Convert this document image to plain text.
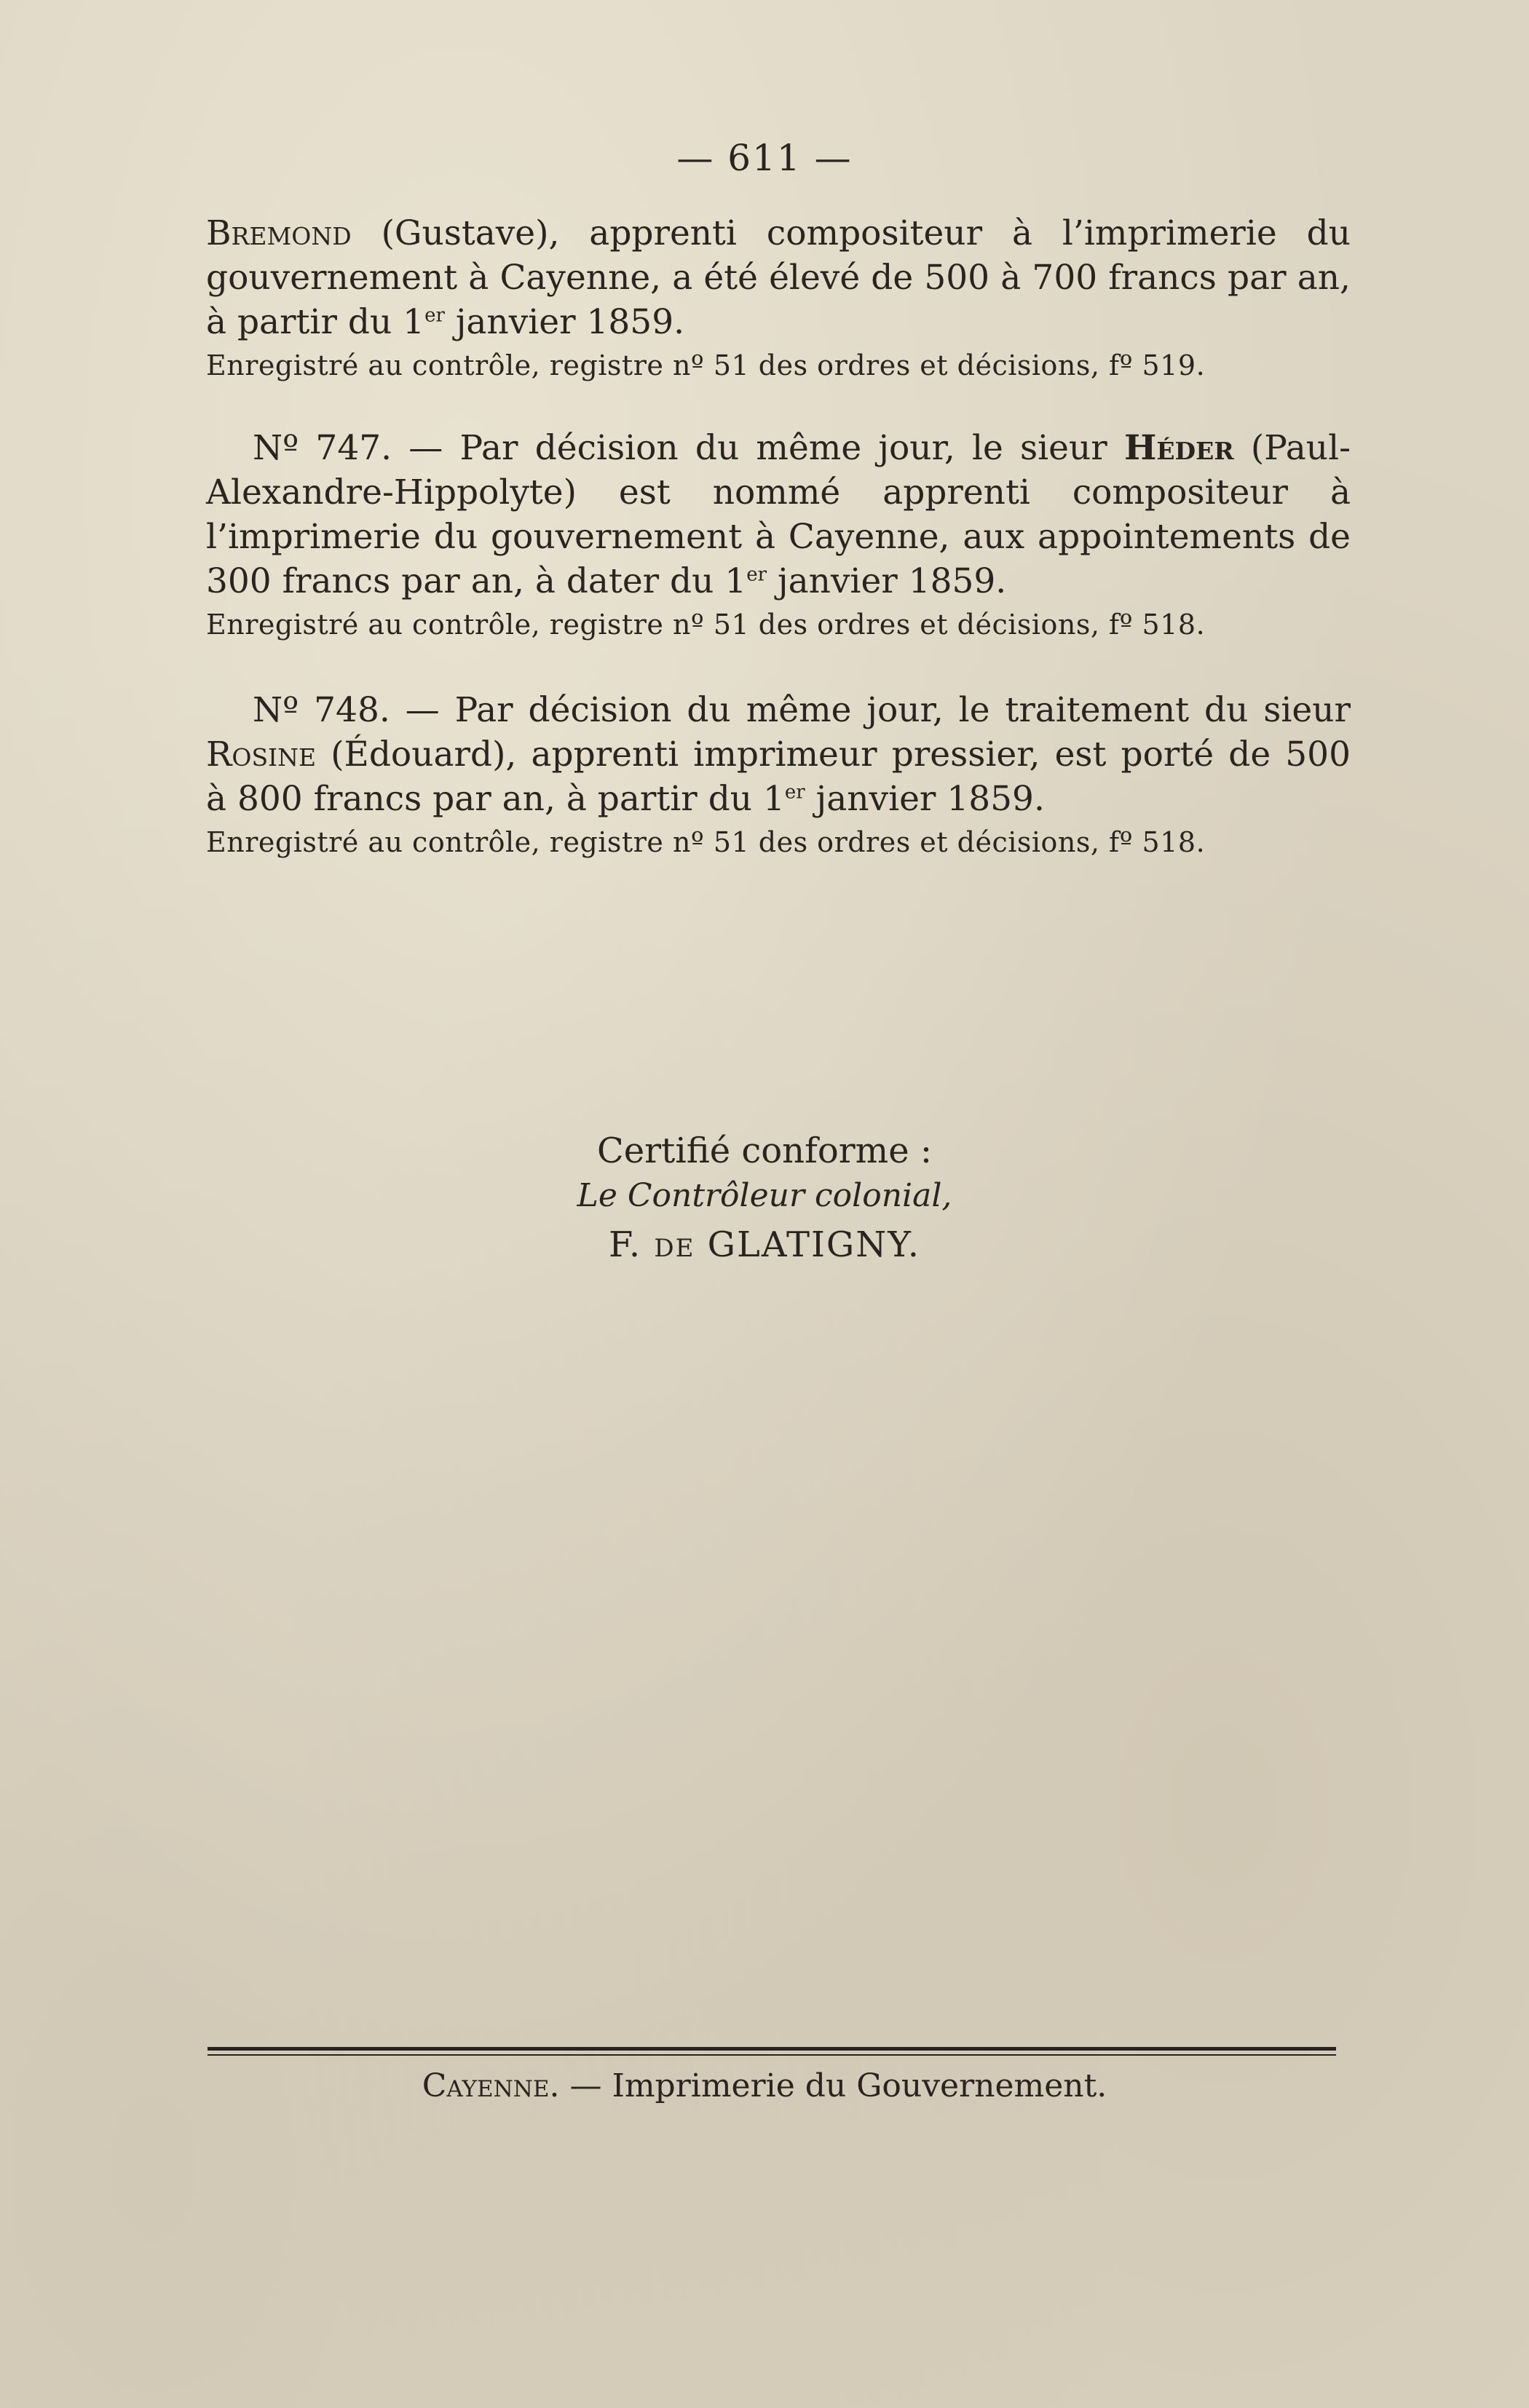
— 611 —

Bremond (Gustave), apprenti compositeur à l’imprimerie du gouvernement à Cayenne, a été élevé de 500 à 700 francs par an, à partir du 1er janvier 1859.

Enregistré au contrôle, registre nº 51 des ordres et décisions, fº 519.

Nº 747. — Par décision du même jour, le sieur Héder (Paul-Alexandre-Hippolyte) est nommé apprenti compositeur à l’imprimerie du gouvernement à Cayenne, aux appointements de 300 francs par an, à dater du 1er janvier 1859.

Enregistré au contrôle, registre nº 51 des ordres et décisions, fº 518.

Nº 748. — Par décision du même jour, le traitement du sieur Rosine (Édouard), apprenti imprimeur pressier, est porté de 500 à 800 francs par an, à partir du 1er janvier 1859.

Enregistré au contrôle, registre nº 51 des ordres et décisions, fº 518.

Certifié conforme :

Le Contrôleur colonial,

F. de GLATIGNY.

Cayenne. — Imprimerie du Gouvernement.
